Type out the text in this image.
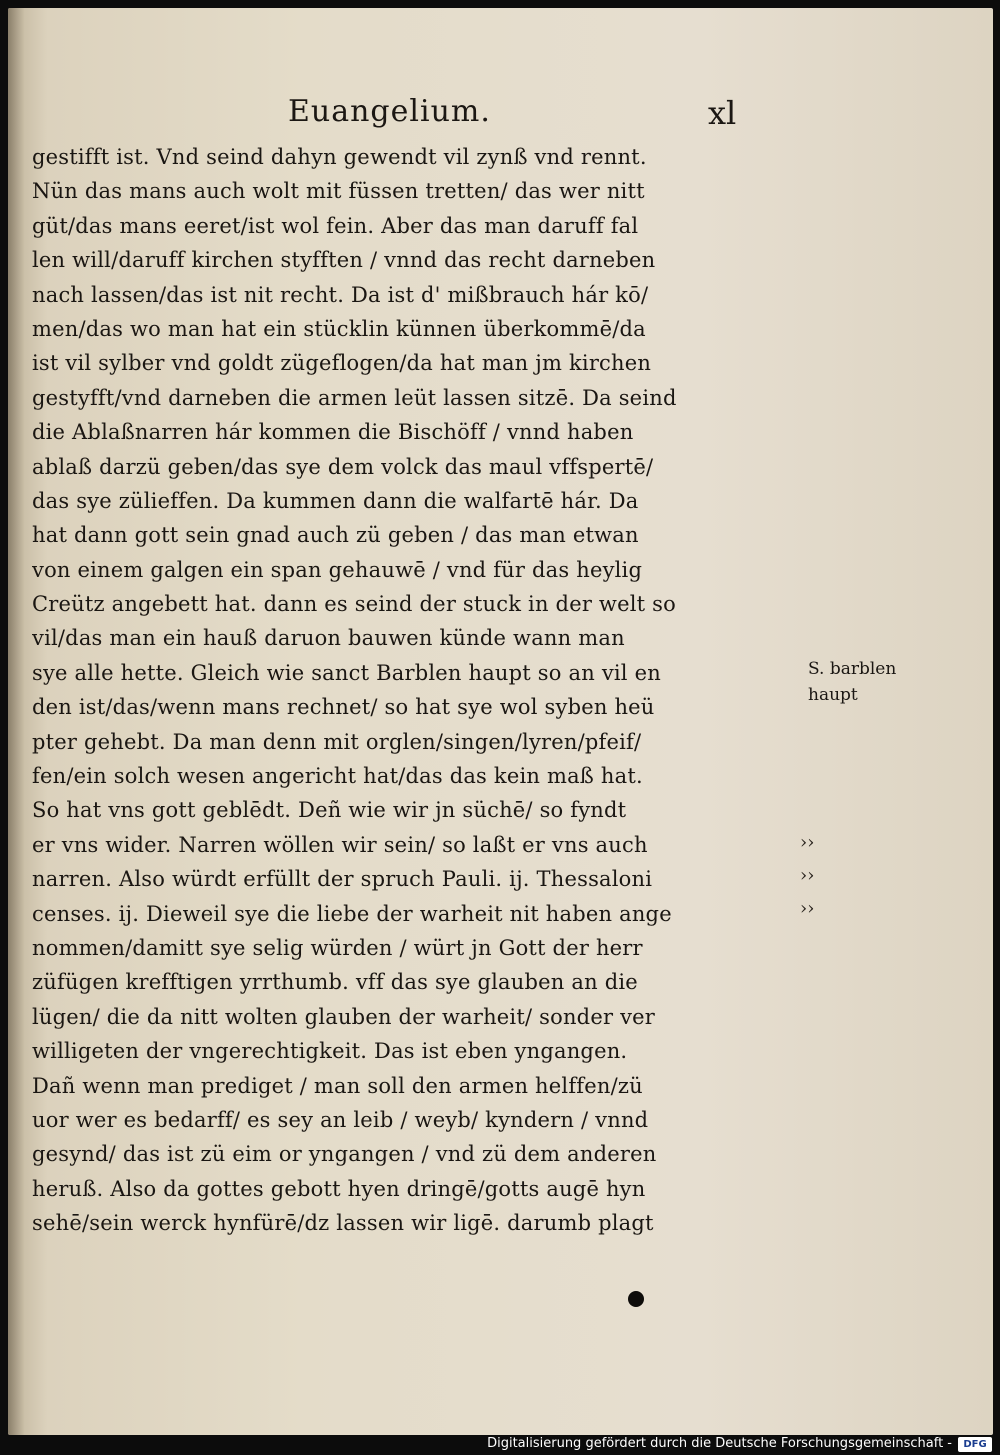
Euangelium.	xl
gestifft ist. Vnd seind dahyn gewendt vil zynß vnd rennt.
Nün das mans auch wolt mit füssen tretten/ das wer nitt
güt/das mans eeret/ist wol fein. Aber das man daruff fal
len will/daruff kirchen styfften / vnnd das recht darneben
nach lassen/das ist nit recht. Da ist d' mißbrauch hár kō/
men/das wo man hat ein stücklin künnen überkommē/da
ist vil sylber vnd goldt zügeflogen/da hat man jm kirchen
gestyfft/vnd darneben die armen leüt lassen sitzē. Da seind
die Ablaßnarren hár kommen die Bischöff / vnnd haben
ablaß darzü geben/das sye dem volck das maul vffspertē/
das sye zülieffen. Da kummen dann die walfartē hár. Da
hat dann gott sein gnad auch zü geben / das man etwan
von einem galgen ein span gehauwē / vnd für das heylig
Creütz angebett hat. dann es seind der stuck in der welt so
vil/das man ein hauß daruon bauwen künde wann man
sye alle hette. Gleich wie sanct Barblen haupt so an vil en
den ist/das/wenn mans rechnet/ so hat sye wol syben heü
pter gehebt. Da man denn mit orglen/singen/lyren/pfeif/
fen/ein solch wesen angericht hat/das das kein maß hat.
So hat vns gott geblēdt. Deñ wie wir jn süchē/ so fyndt
er vns wider. Narren wöllen wir sein/ so laßt er vns auch
narren. Also würdt erfüllt der spruch Pauli. ij. Thessaloni
censes. ij. Dieweil sye die liebe der warheit nit haben ange
nommen/damitt sye selig würden / würt jn Gott der herr
züfügen krefftigen yrrthumb. vff das sye glauben an die
lügen/ die da nitt wolten glauben der warheit/ sonder ver
willigeten der vngerechtigkeit. Das ist eben yngangen.
Dañ wenn man prediget / man soll den armen helffen/zü
uor wer es bedarff/ es sey an leib / weyb/ kyndern / vnnd
gesynd/ das ist zü eim or yngangen / vnd zü dem anderen
heruß. Also da gottes gebott hyen dringē/gotts augē hyn
sehē/sein werck hynfürē/dz lassen wir ligē. darumb plagt
S. barblen
haupt
››
››
››
Digitalisierung gefördert durch die Deutsche Forschungsgemeinschaft -	DFG
